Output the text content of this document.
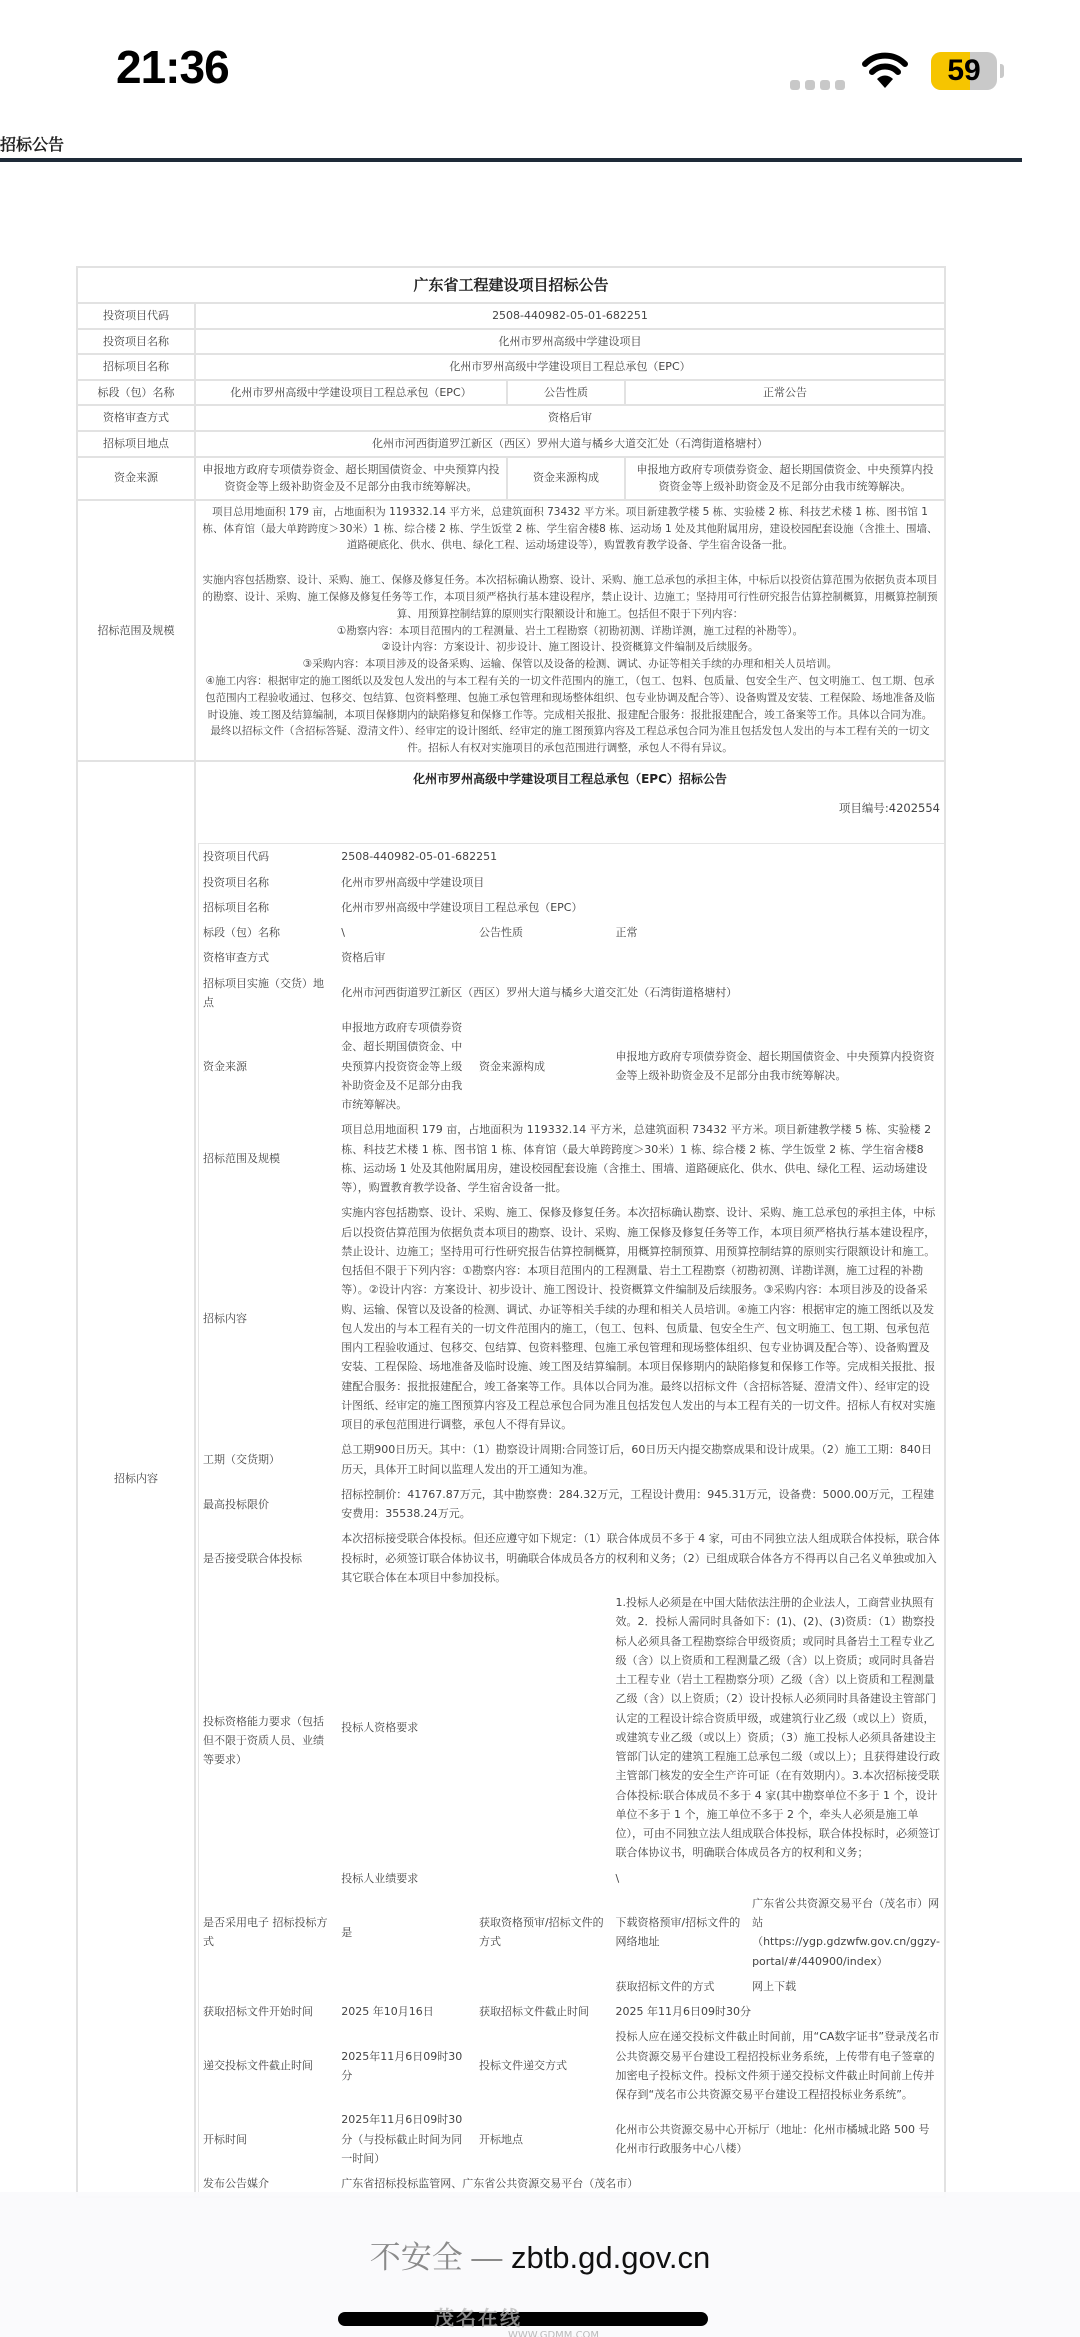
21:36	59
招标公告
广东省工程建设项目招标公告
投资项目代码	2508-440982-05-01-682251
投资项目名称	化州市罗州高级中学建设项目
招标项目名称	化州市罗州高级中学建设项目工程总承包（EPC）
标段（包）名称	化州市罗州高级中学建设项目工程总承包（EPC）	公告性质	正常公告
资格审查方式	资格后审
招标项目地点	化州市河西街道罗江新区（西区）罗州大道与橘乡大道交汇处（石湾街道格塘村）
资金来源	申报地方政府专项债券资金、超长期国债资金、中央预算内投资资金等上级补助资金及不足部分由我市统筹解决。	资金来源构成	申报地方政府专项债券资金、超长期国债资金、中央预算内投资资金等上级补助资金及不足部分由我市统筹解决。
招标范围及规模	
项目总用地面积 179 亩，占地面积为 119332.14 平方米，总建筑面积 73432 平方米。项目新建教学楼 5 栋、实验楼 2 栋、科技艺术楼 1 栋、图书馆 1 栋、体育馆（最大单跨跨度＞30米）1 栋、综合楼 2 栋、学生饭堂 2 栋、学生宿舍楼8 栋、运动场 1 处及其他附属用房，建设校园配套设施（含推土、围墙、道路硬底化、供水、供电、绿化工程、运动场建设等），购置教育教学设备、学生宿舍设备一批。
实施内容包括勘察、设计、采购、施工、保修及修复任务。本次招标确认勘察、设计、采购、施工总承包的承担主体，中标后以投资估算范围为依据负责本项目的勘察、设计、采购、施工保修及修复任务等工作，本项目须严格执行基本建设程序，禁止设计、边施工；坚持用可行性研究报告估算控制概算，用概算控制预算、用预算控制结算的原则实行限额设计和施工。包括但不限于下列内容：
①勘察内容：本项目范围内的工程测量、岩土工程勘察（初勘初测、详勘详测，施工过程的补勘等）。
②设计内容：方案设计、初步设计、施工图设计、投资概算文件编制及后续服务。
③采购内容：本项目涉及的设备采购、运输、保管以及设备的检测、调试、办证等相关手续的办理和相关人员培训。
④施工内容：根据审定的施工图纸以及发包人发出的与本工程有关的一切文件范围内的施工，（包工、包料、包质量、包安全生产、包文明施工、包工期、包承包范围内工程验收通过、包移交、包结算、包资料整理、包施工承包管理和现场整体组织、包专业协调及配合等）、设备购置及安装、工程保险、场地准备及临时设施、竣工图及结算编制，本项目保修期内的缺陷修复和保修工作等。完成相关报批、报建配合服务：报批报建配合，竣工备案等工作。具体以合同为准。
最终以招标文件（含招标答疑、澄清文件）、经审定的设计图纸、经审定的施工图预算内容及工程总承包合同为准且包括发包人发出的与本工程有关的一切文件。招标人有权对实施项目的承包范围进行调整，承包人不得有异议。

招标内容	
化州市罗州高级中学建设项目工程总承包（EPC）招标公告
项目编号:4202554
投资项目代码	2508-440982-05-01-682251
投资项目名称	化州市罗州高级中学建设项目
招标项目名称	化州市罗州高级中学建设项目工程总承包（EPC）
标段（包）名称	\	公告性质	正常
资格审查方式	资格后审
招标项目实施（交货）地点	化州市河西街道罗江新区（西区）罗州大道与橘乡大道交汇处（石湾街道格塘村）
资金来源	申报地方政府专项债券资金、超长期国债资金、中央预算内投资资金等上级补助资金及不足部分由我市统筹解决。	资金来源构成	申报地方政府专项债券资金、超长期国债资金、中央预算内投资资金等上级补助资金及不足部分由我市统筹解决。
招标范围及规模	项目总用地面积 179 亩，占地面积为 119332.14 平方米，总建筑面积 73432 平方米。项目新建教学楼 5 栋、实验楼 2 栋、科技艺术楼 1 栋、图书馆 1 栋、体育馆（最大单跨跨度＞30米）1 栋、综合楼 2 栋、学生饭堂 2 栋、学生宿舍楼8 栋、运动场 1 处及其他附属用房，建设校园配套设施（含推土、围墙、道路硬底化、供水、供电、绿化工程、运动场建设等），购置教育教学设备、学生宿舍设备一批。
招标内容	实施内容包括勘察、设计、采购、施工、保修及修复任务。本次招标确认勘察、设计、采购、施工总承包的承担主体，中标后以投资估算范围为依据负责本项目的勘察、设计、采购、施工保修及修复任务等工作，本项目须严格执行基本建设程序，禁止设计、边施工；坚持用可行性研究报告估算控制概算，用概算控制预算、用预算控制结算的原则实行限额设计和施工。包括但不限于下列内容：①勘察内容：本项目范围内的工程测量、岩土工程勘察（初勘初测、详勘详测，施工过程的补勘等）。②设计内容：方案设计、初步设计、施工图设计、投资概算文件编制及后续服务。③采购内容：本项目涉及的设备采购、运输、保管以及设备的检测、调试、办证等相关手续的办理和相关人员培训。④施工内容：根据审定的施工图纸以及发包人发出的与本工程有关的一切文件范围内的施工，（包工、包料、包质量、包安全生产、包文明施工、包工期、包承包范围内工程验收通过、包移交、包结算、包资料整理、包施工承包管理和现场整体组织、包专业协调及配合等）、设备购置及安装、工程保险、场地准备及临时设施、竣工图及结算编制。本项目保修期内的缺陷修复和保修工作等。完成相关报批、报建配合服务：报批报建配合，竣工备案等工作。具体以合同为准。最终以招标文件（含招标答疑、澄清文件）、经审定的设计图纸、经审定的施工图预算内容及工程总承包合同为准且包括发包人发出的与本工程有关的一切文件。招标人有权对实施项目的承包范围进行调整，承包人不得有异议。
工期（交货期）	总工期900日历天。其中：（1）勘察设计周期:合同签订后，60日历天内提交勘察成果和设计成果。（2）施工工期：840日历天，具体开工时间以监理人发出的开工通知为准。
最高投标限价	招标控制价：41767.87万元，其中勘察费：284.32万元，工程设计费用：945.31万元，设备费：5000.00万元，工程建安费用：35538.24万元。
是否接受联合体投标	本次招标接受联合体投标。但还应遵守如下规定：（1）联合体成员不多于 4 家，可由不同独立法人组成联合体投标，联合体投标时，必须签订联合体协议书，明确联合体成员各方的权利和义务；（2）已组成联合体各方不得再以自己名义单独或加入其它联合体在本项目中参加投标。
投标资格能力要求（包括但不限于资质人员、业绩等要求）	投标人资格要求	1.投标人必须是在中国大陆依法注册的企业法人，工商营业执照有效。2．投标人需同时具备如下：(1)、(2)、(3)资质：（1）勘察投标人必须具备工程勘察综合甲级资质；或同时具备岩土工程专业乙级（含）以上资质和工程测量乙级（含）以上资质；或同时具备岩土工程专业（岩土工程勘察分项）乙级（含）以上资质和工程测量乙级（含）以上资质；（2）设计投标人必须同时具备建设主管部门认定的工程设计综合资质甲级，或建筑行业乙级（或以上）资质，或建筑专业乙级（或以上）资质；（3）施工投标人必须具备建设主管部门认定的建筑工程施工总承包二级（或以上）；且获得建设行政主管部门核发的安全生产许可证（在有效期内）。3.本次招标接受联合体投标:联合体成员不多于 4 家(其中勘察单位不多于 1 个，设计单位不多于 1 个，施工单位不多于 2 个，牵头人必须是施工单位），可由不同独立法人组成联合体投标，联合体投标时，必须签订联合体协议书，明确联合体成员各方的权利和义务；
投标人业绩要求	\
是否采用电子 招标投标方式	是	获取资格预审/招标文件的方式	下载资格预审/招标文件的网络地址	广东省公共资源交易平台（茂名市）网站（https://ygp.gdzwfw.gov.cn/ggzy-portal/#/440900/index）
			获取招标文件的方式	网上下载
获取招标文件开始时间	2025 年10月16日	获取招标文件截止时间	2025 年11月6日09时30分
递交投标文件截止时间	2025年11月6日09时30分	投标文件递交方式	投标人应在递交投标文件截止时间前，用“CA数字证书”登录茂名市公共资源交易平台建设工程招投标业务系统，上传带有电子签章的加密电子投标文件。投标文件须于递交投标文件截止时间前上传并保存到“茂名市公共资源交易平台建设工程招投标业务系统”。
开标时间	2025年11月6日09时30分（与投标截止时间为同一时间）	开标地点	化州市公共资源交易中心开标厅（地址：化州市橘城北路 500 号化州市行政服务中心八楼）
发布公告媒介	广东省招标投标监管网、广东省公共资源交易平台（茂名市）
不安全 — zbtb.gd.gov.cn
茂名在线
WWW.GDMM.COM
